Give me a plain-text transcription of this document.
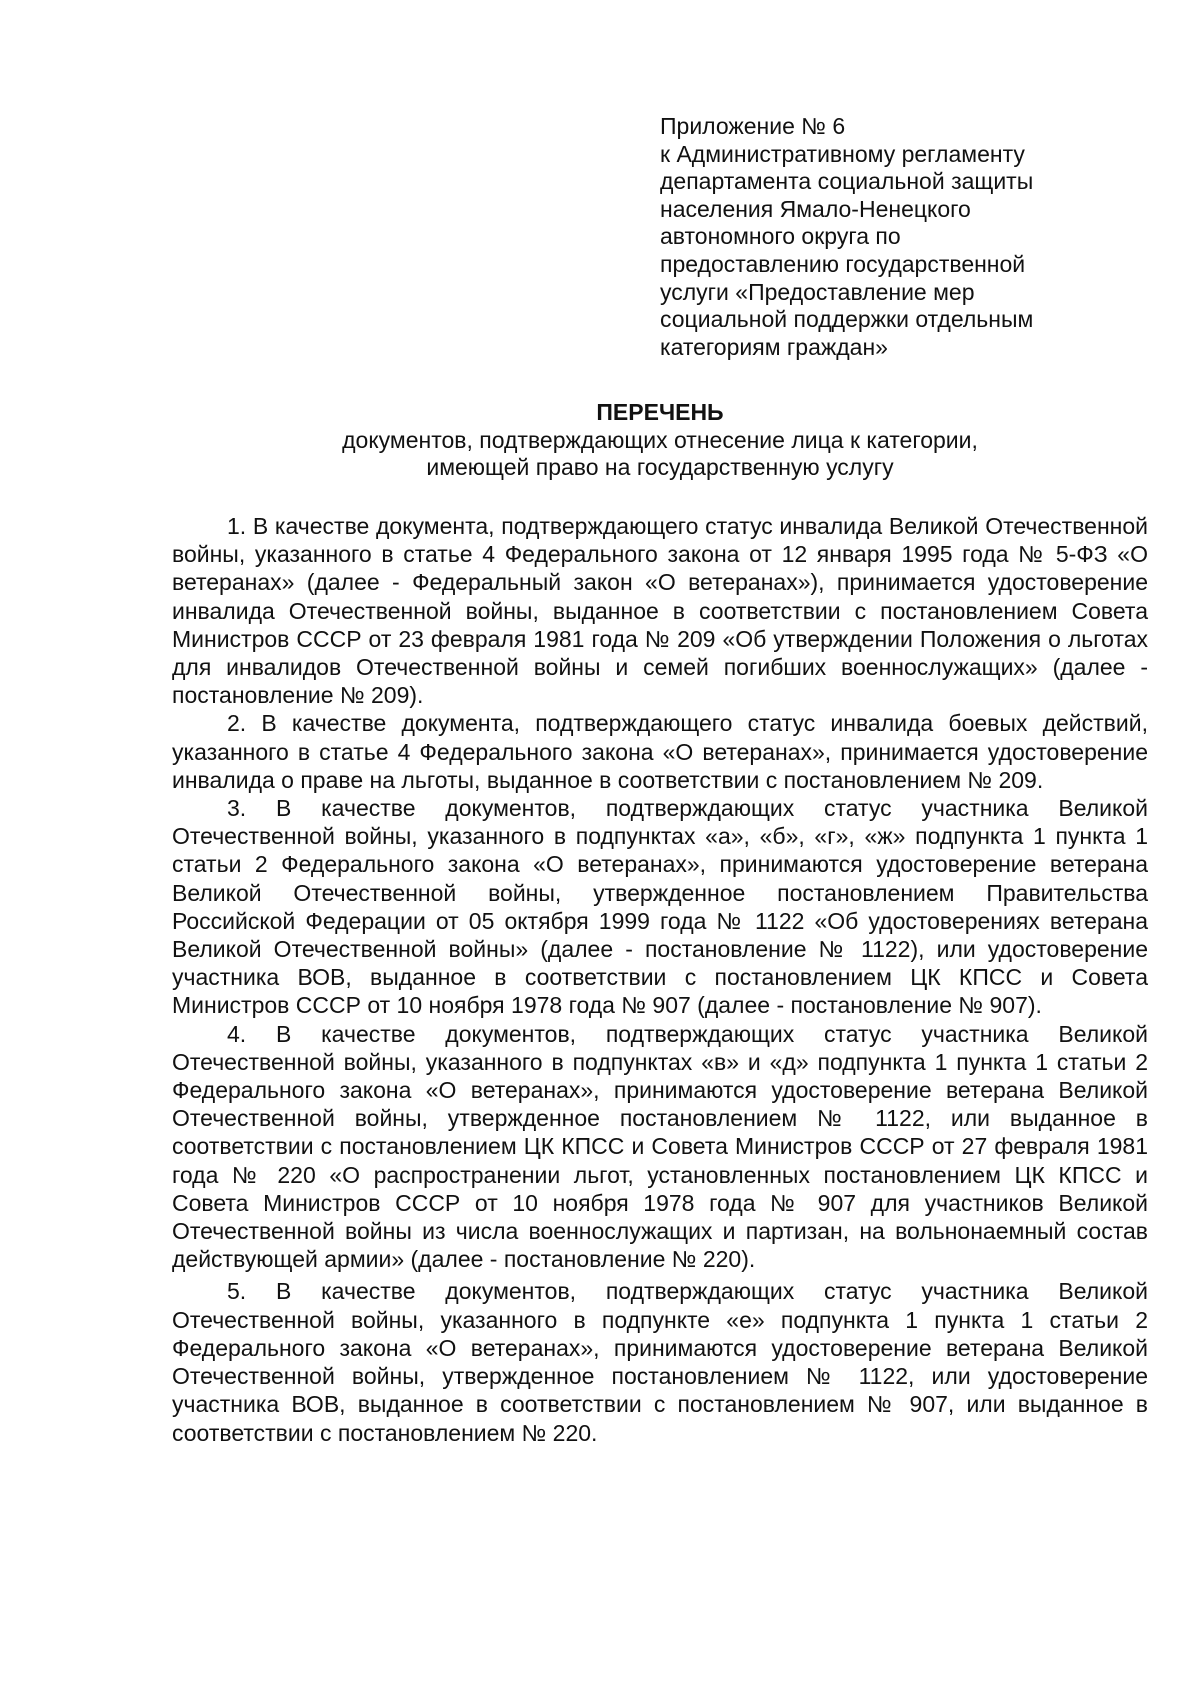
Приложение № 6
к Административному регламенту
департамента социальной защиты
населения Ямало-Ненецкого
автономного округа по
предоставлению государственной
услуги «Предоставление мер
социальной поддержки отдельным
категориям граждан»
ПЕРЕЧЕНЬ
документов, подтверждающих отнесение лица к категории,
имеющей право на государственную услугу

1. В качестве документа, подтверждающего статус инвалида Великой Отечественной войны, указанного в статье 4 Федерального закона от 12 января 1995 года № 5-ФЗ «О ветеранах» (далее - Федеральный закон «О ветеранах»), принимается удостоверение инвалида Отечественной войны, выданное в соответствии с постановлением Совета Министров СССР от 23 февраля 1981 года № 209 «Об утверждении Положения о льготах для инвалидов Отечественной войны и семей погибших военнослужащих» (далее - постановление № 209).

2. В качестве документа, подтверждающего статус инвалида боевых действий, указанного в статье 4 Федерального закона «О ветеранах», принимается удостоверение инвалида о праве на льготы, выданное в соответствии с постановлением № 209.

3. В качестве документов, подтверждающих статус участника Великой Отечественной войны, указанного в подпунктах «а», «б», «г», «ж» подпункта 1 пункта 1 статьи 2 Федерального закона «О ветеранах», принимаются удостоверение ветерана Великой Отечественной войны, утвержденное постановлением Правительства Российской Федерации от 05 октября 1999 года № 1122 «Об удостоверениях ветерана Великой Отечественной войны» (далее - постановление № 1122), или удостоверение участника ВОВ, выданное в соответствии с постановлением ЦК КПСС и Совета Министров СССР от 10 ноября 1978 года № 907 (далее - постановление № 907).

4. В качестве документов, подтверждающих статус участника Великой Отечественной войны, указанного в подпунктах «в» и «д» подпункта 1 пункта 1 статьи 2 Федерального закона «О ветеранах», принимаются удостоверение ветерана Великой Отечественной войны, утвержденное постановлением № 1122, или выданное в соответствии с постановлением ЦК КПСС и Совета Министров СССР от 27 февраля 1981 года № 220 «О распространении льгот, установленных постановлением ЦК КПСС и Совета Министров СССР от 10 ноября 1978 года № 907 для участников Великой Отечественной войны из числа военнослужащих и партизан, на вольнонаемный состав действующей армии» (далее - постановление № 220).

5. В качестве документов, подтверждающих статус участника Великой Отечественной войны, указанного в подпункте «е» подпункта 1 пункта 1 статьи 2 Федерального закона «О ветеранах», принимаются удостоверение ветерана Великой Отечественной войны, утвержденное постановлением № 1122, или удостоверение участника ВОВ, выданное в соответствии с постановлением № 907, или выданное в соответствии с постановлением № 220.
